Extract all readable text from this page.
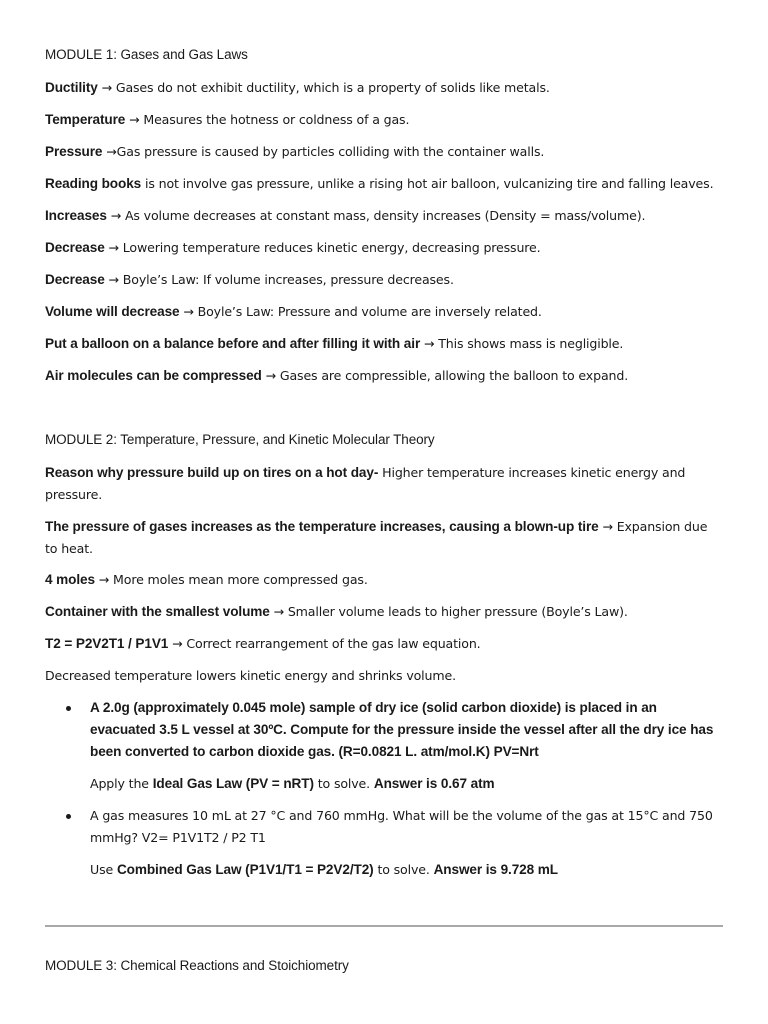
MODULE 1: Gases and Gas Laws
Ductility → Gases do not exhibit ductility, which is a property of solids like metals.
Temperature → Measures the hotness or coldness of a gas.
Pressure →Gas pressure is caused by particles colliding with the container walls.
Reading books is not involve gas pressure, unlike a rising hot air balloon, vulcanizing tire and falling leaves.
Increases → As volume decreases at constant mass, density increases (Density = mass/volume).
Decrease → Lowering temperature reduces kinetic energy, decreasing pressure.
Decrease → Boyle’s Law: If volume increases, pressure decreases.
Volume will decrease → Boyle’s Law: Pressure and volume are inversely related.
Put a balloon on a balance before and after filling it with air → This shows mass is negligible.
Air molecules can be compressed → Gases are compressible, allowing the balloon to expand.
MODULE 2: Temperature, Pressure, and Kinetic Molecular Theory
Reason why pressure build up on tires on a hot day- Higher temperature increases kinetic energy and pressure.
The pressure of gases increases as the temperature increases, causing a blown-up tire → Expansion due to heat.
4 moles → More moles mean more compressed gas.
Container with the smallest volume → Smaller volume leads to higher pressure (Boyle’s Law).
T2 = P2V2T1 / P1V1 → Correct rearrangement of the gas law equation.
Decreased temperature lowers kinetic energy and shrinks volume.
A 2.0g (approximately 0.045 mole) sample of dry ice (solid carbon dioxide) is placed in an evacuated 3.5 L vessel at 30ºC. Compute for the pressure inside the vessel after all the dry ice has been converted to carbon dioxide gas. (R=0.0821 L. atm/mol.K) PV=Nrt
Apply the Ideal Gas Law (PV = nRT) to solve. Answer is 0.67 atm
A gas measures 10 mL at 27 °C and 760 mmHg. What will be the volume of the gas at 15°C and 750 mmHg? V2= P1V1T2 / P2 T1
Use Combined Gas Law (P1V1/T1 = P2V2/T2) to solve. Answer is 9.728 mL
MODULE 3: Chemical Reactions and Stoichiometry
